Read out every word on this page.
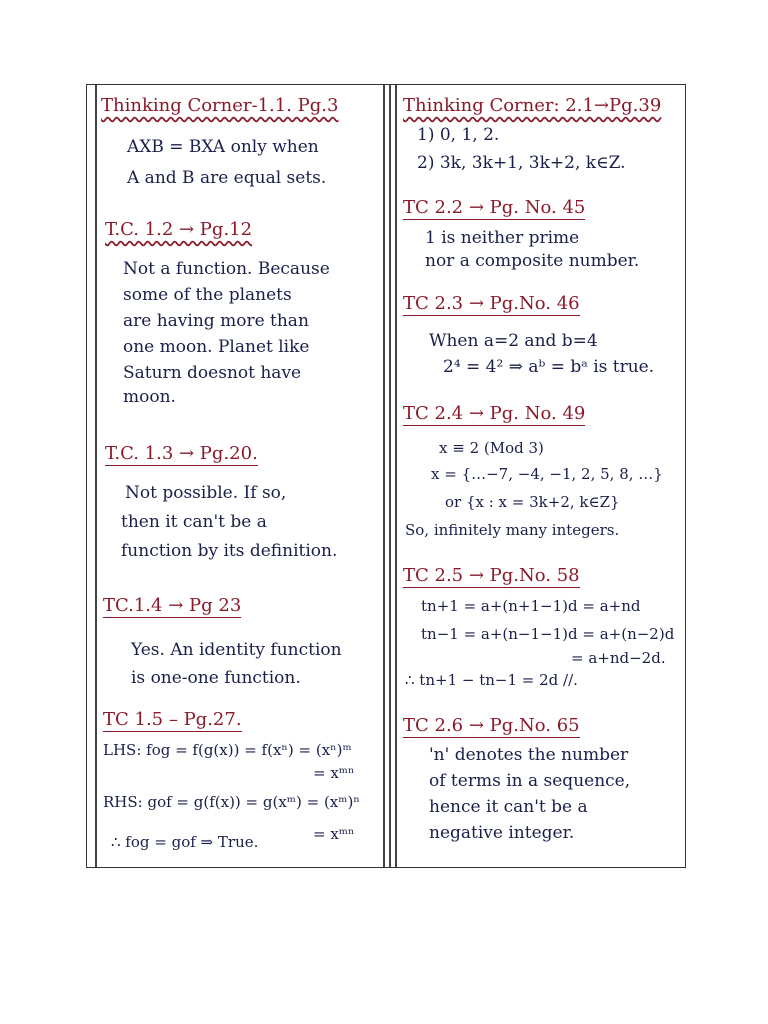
Thinking Corner-1.1. Pg.3
AXB = BXA only when
A and B are equal sets.
T.C. 1.2 → Pg.12
Not a function. Because
some of the planets
are having more than
one moon. Planet like
Saturn doesnot have
moon.
T.C. 1.3 → Pg.20.
Not possible. If so,
then it can't be a
function by its definition.
TC.1.4 → Pg 23
Yes. An identity function
is one-one function.
TC 1.5 – Pg.27.
LHS: fog = f(g(x)) = f(xⁿ) = (xⁿ)ᵐ
= xᵐⁿ
RHS: gof = g(f(x)) = g(xᵐ) = (xᵐ)ⁿ
∴ fog = gof ⇒ True.	= xᵐⁿ
Thinking Corner: 2.1→Pg.39
1) 0, 1, 2.
2) 3k, 3k+1, 3k+2, k∈Z.
TC 2.2 → Pg. No. 45
1 is neither prime
nor a composite number.
TC 2.3 → Pg.No. 46
When a=2 and b=4
2⁴ = 4² ⇒ aᵇ = bᵃ is true.
TC 2.4 → Pg. No. 49
x ≡ 2 (Mod 3)
x = {…−7, −4, −1, 2, 5, 8, …}
or {x : x = 3k+2, k∈Z}
So, infinitely many integers.
TC 2.5 → Pg.No. 58
tn+1 = a+(n+1−1)d = a+nd
tn−1 = a+(n−1−1)d = a+(n−2)d
= a+nd−2d.
∴ tn+1 − tn−1 = 2d //.
TC 2.6 → Pg.No. 65
'n' denotes the number
of terms in a sequence,
hence it can't be a
negative integer.
